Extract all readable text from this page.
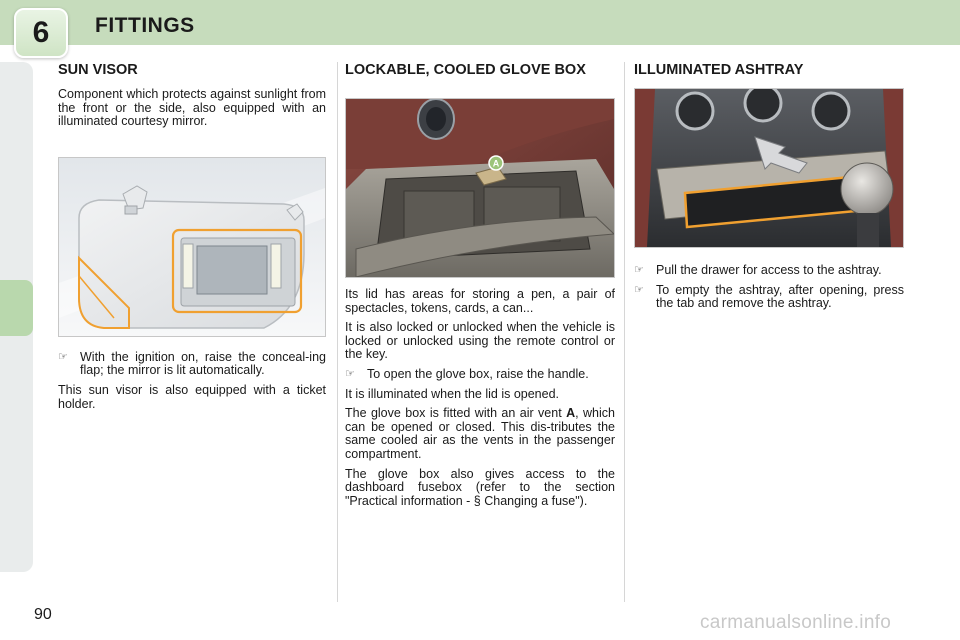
6	FITTINGS
SUN VISOR

Component which protects against sunlight from the front or the side, also equipped with an illuminated courtesy mirror.

☞ With the ignition on, raise the conceal-ing flap; the mirror is lit automatically.

This sun visor is also equipped with a ticket holder.

LOCKABLE, COOLED GLOVE BOX
A

Its lid has areas for storing a pen, a pair of spectacles, tokens, cards, a can...

It is also locked or unlocked when the vehicle is locked or unlocked using the remote control or the key.

☞ To open the glove box, raise the handle.

It is illuminated when the lid is opened.

The glove box is fitted with an air vent A, which can be opened or closed. This dis-tributes the same cooled air as the vents in the passenger compartment.

The glove box also gives access to the dashboard fusebox (refer to the section "Practical information - § Changing a fuse").

ILLUMINATED ASHTRAY
☞ Pull the drawer for access to the ashtray.
☞ To empty the ashtray, after opening, press the tab and remove the ashtray.
90	carmanualsonline.info
